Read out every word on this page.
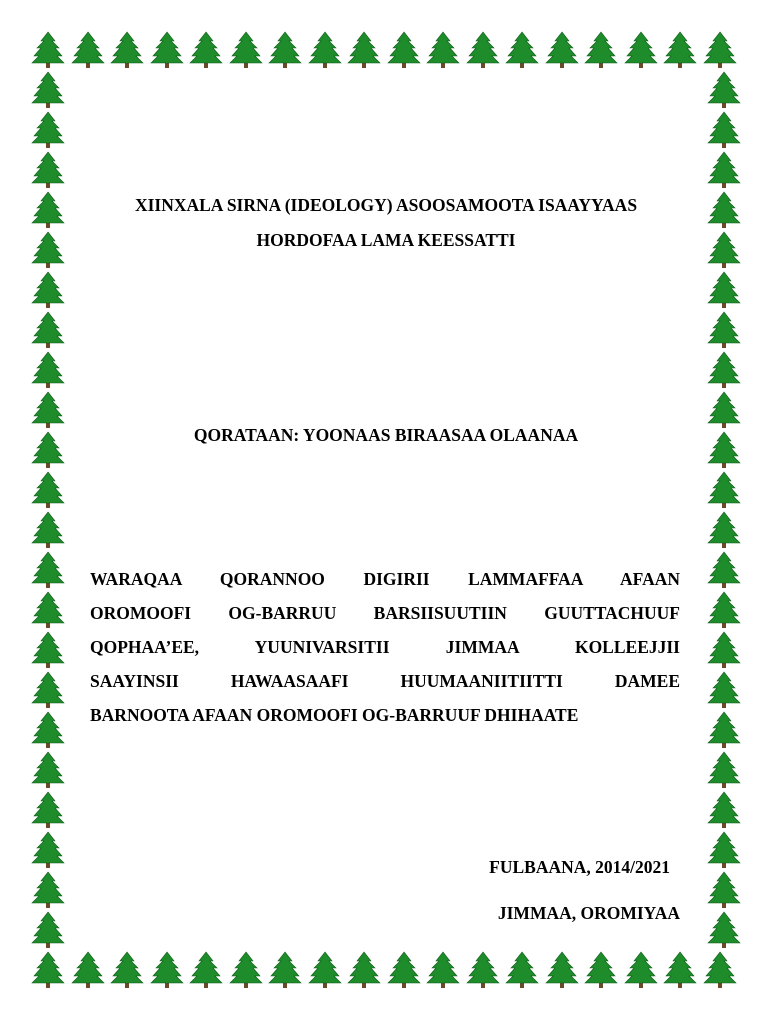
XIINXALA SIRNA (IDEOLOGY) ASOOSAMOOTA ISAAYYAAS
HORDOFAA LAMA KEESSATTI
QORATAAN: YOONAAS BIRAASAA OLAANAA
WARAQAA QORANNOO DIGIRII LAMMAFFAA AFAAN
OROMOOFI OG-BARRUU BARSIISUUTIIN GUUTTACHUUF
QOPHAA’EE, YUUNIVARSITII JIMMAA KOLLEEJJII
SAAYINSII HAWAASAAFI HUUMAANIITIITTI DAMEE
BARNOOTA AFAAN OROMOOFI OG-BARRUUF DHIHAATE
FULBAANA, 2014/2021
JIMMAA, OROMIYAA
